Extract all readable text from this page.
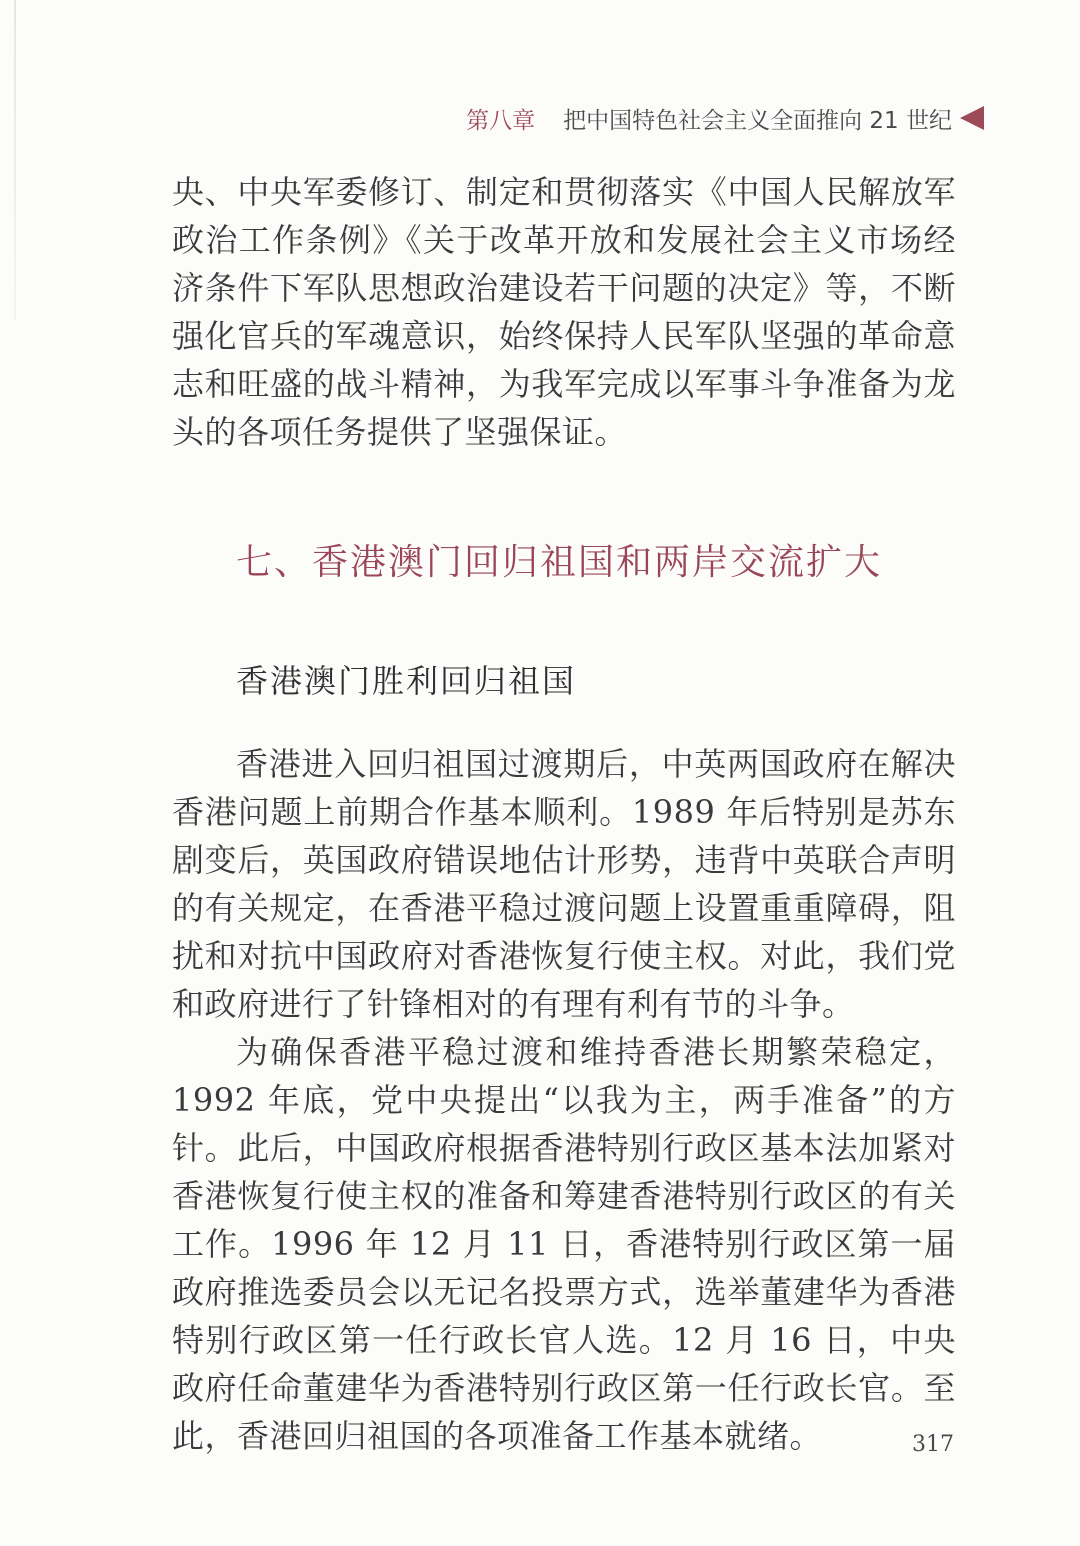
第八章 把中国特色社会主义全面推向 21 世纪

央、中央军委修订、制定和贯彻落实《中国人民解放军政治工作条例》《关于改革开放和发展社会主义市场经济条件下军队思想政治建设若干问题的决定》等，不断强化官兵的军魂意识，始终保持人民军队坚强的革命意志和旺盛的战斗精神，为我军完成以军事斗争准备为龙头的各项任务提供了坚强保证。

七、香港澳门回归祖国和两岸交流扩大
香港澳门胜利回归祖国

香港进入回归祖国过渡期后，中英两国政府在解决香港问题上前期合作基本顺利。1989 年后特别是苏东剧变后，英国政府错误地估计形势，违背中英联合声明的有关规定，在香港平稳过渡问题上设置重重障碍，阻扰和对抗中国政府对香港恢复行使主权。对此，我们党和政府进行了针锋相对的有理有利有节的斗争。

为确保香港平稳过渡和维持香港长期繁荣稳定，1992 年底，党中央提出“以我为主，两手准备”的方针。此后，中国政府根据香港特别行政区基本法加紧对香港恢复行使主权的准备和筹建香港特别行政区的有关工作。1996 年 12 月 11 日，香港特别行政区第一届政府推选委员会以无记名投票方式，选举董建华为香港特别行政区第一任行政长官人选。12 月 16 日，中央政府任命董建华为香港特别行政区第一任行政长官。至此，香港回归祖国的各项准备工作基本就绪。	317
